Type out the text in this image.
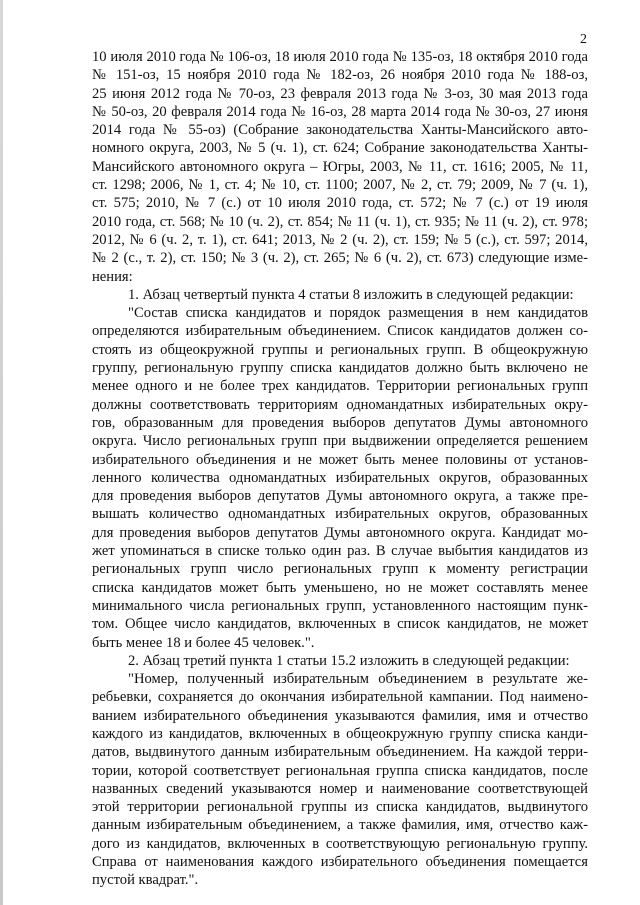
2

10 июля 2010 года № 106-оз, 18 июля 2010 года № 135-оз, 18 октября 2010 года
№ 151-оз, 15 ноября 2010 года № 182-оз, 26 ноября 2010 года № 188-оз,
25 июня 2012 года № 70-оз, 23 февраля 2013 года № 3-оз, 30 мая 2013 года
№ 50-оз, 20 февраля 2014 года № 16-оз, 28 марта 2014 года № 30-оз, 27 июня
2014 года № 55-оз) (Собрание законодательства Ханты-Мансийского авто-
номного округа, 2003, № 5 (ч. 1), ст. 624; Собрание законодательства Ханты-
Мансийского автономного округа – Югры, 2003, № 11, ст. 1616; 2005, № 11,
ст. 1298; 2006, № 1, ст. 4; № 10, ст. 1100; 2007, № 2, ст. 79; 2009, № 7 (ч. 1),
ст. 575; 2010, № 7 (с.) от 10 июля 2010 года, ст. 572; № 7 (с.) от 19 июля
2010 года, ст. 568; № 10 (ч. 2), ст. 854; № 11 (ч. 1), ст. 935; № 11 (ч. 2), ст. 978;
2012, № 6 (ч. 2, т. 1), ст. 641; 2013, № 2 (ч. 2), ст. 159; № 5 (с.), ст. 597; 2014,
№ 2 (с., т. 2), ст. 150; № 3 (ч. 2), ст. 265; № 6 (ч. 2), ст. 673) следующие изме-
нения:

1. Абзац четвертый пункта 4 статьи 8 изложить в следующей редакции:

"Состав списка кандидатов и порядок размещения в нем кандидатов
определяются избирательным объединением. Список кандидатов должен со-
стоять из общеокружной группы и региональных групп. В общеокружную
группу, региональную группу списка кандидатов должно быть включено не
менее одного и не более трех кандидатов. Территории региональных групп
должны соответствовать территориям одномандатных избирательных окру-
гов, образованным для проведения выборов депутатов Думы автономного
округа. Число региональных групп при выдвижении определяется решением
избирательного объединения и не может быть менее половины от установ-
ленного количества одномандатных избирательных округов, образованных
для проведения выборов депутатов Думы автономного округа, а также пре-
вышать количество одномандатных избирательных округов, образованных
для проведения выборов депутатов Думы автономного округа. Кандидат мо-
жет упоминаться в списке только один раз. В случае выбытия кандидатов из
региональных групп число региональных групп к моменту регистрации
списка кандидатов может быть уменьшено, но не может составлять менее
минимального числа региональных групп, установленного настоящим пунк-
том. Общее число кандидатов, включенных в список кандидатов, не может
быть менее 18 и более 45 человек.".

2. Абзац третий пункта 1 статьи 15.2 изложить в следующей редакции:

"Номер, полученный избирательным объединением в результате же-
ребьевки, сохраняется до окончания избирательной кампании. Под наимено-
ванием избирательного объединения указываются фамилия, имя и отчество
каждого из кандидатов, включенных в общеокружную группу списка канди-
датов, выдвинутого данным избирательным объединением. На каждой терри-
тории, которой соответствует региональная группа списка кандидатов, после
названных сведений указываются номер и наименование соответствующей
этой территории региональной группы из списка кандидатов, выдвинутого
данным избирательным объединением, а также фамилия, имя, отчество каж-
дого из кандидатов, включенных в соответствующую региональную группу.
Справа от наименования каждого избирательного объединения помещается
пустой квадрат.".
